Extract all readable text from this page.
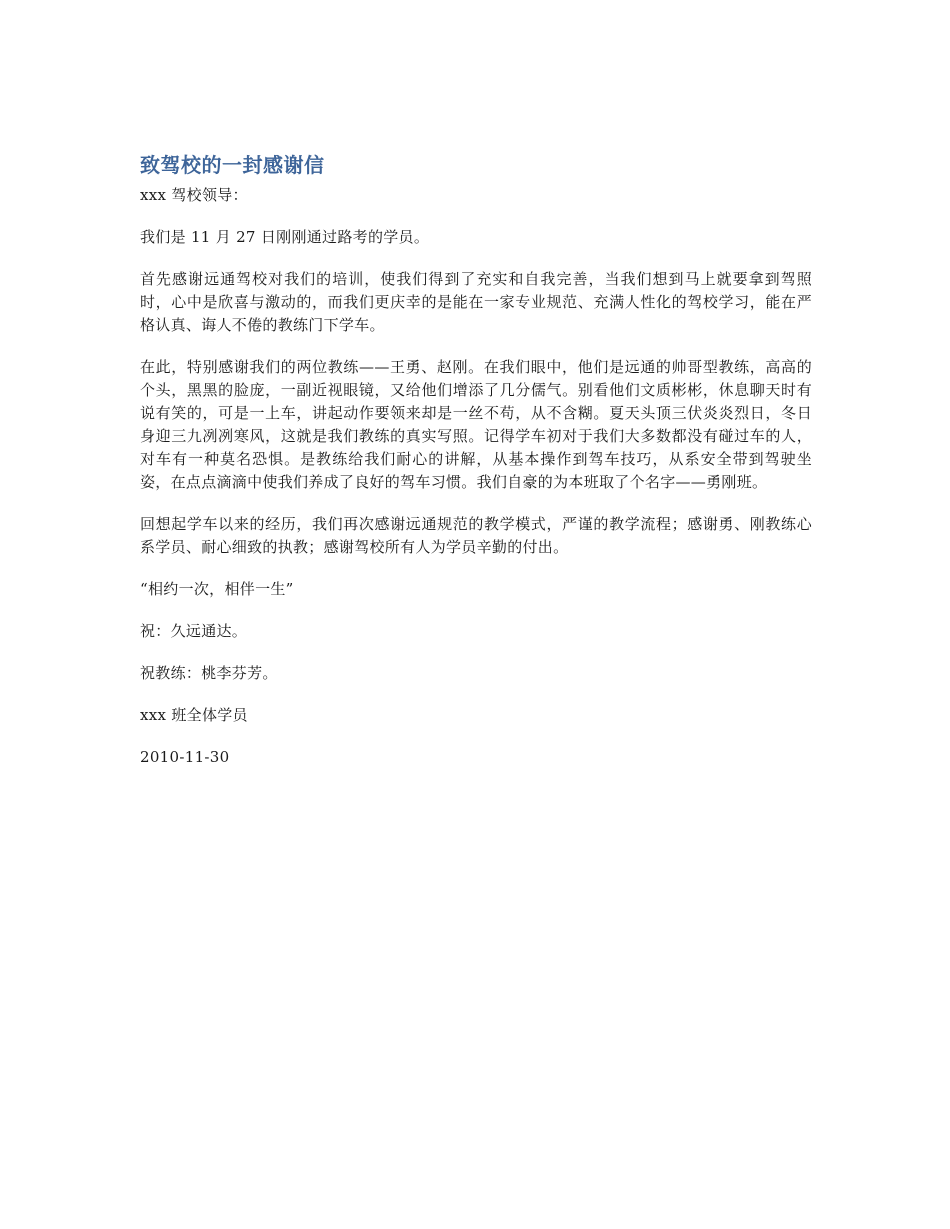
致驾校的一封感谢信

xxx 驾校领导：

我们是 11 月 27 日刚刚通过路考的学员。

首先感谢远通驾校对我们的培训，使我们得到了充实和自我完善，当我们想到马上就要拿到驾照时，心中是欣喜与激动的，而我们更庆幸的是能在一家专业规范、充满人性化的驾校学习，能在严格认真、诲人不倦的教练门下学车。

在此，特别感谢我们的两位教练——王勇、赵刚。在我们眼中，他们是远通的帅哥型教练，高高的个头，黑黑的脸庞，一副近视眼镜，又给他们增添了几分儒气。别看他们文质彬彬，休息聊天时有说有笑的，可是一上车，讲起动作要领来却是一丝不苟，从不含糊。夏天头顶三伏炎炎烈日，冬日身迎三九冽冽寒风，这就是我们教练的真实写照。记得学车初对于我们大多数都没有碰过车的人，对车有一种莫名恐惧。是教练给我们耐心的讲解，从基本操作到驾车技巧，从系安全带到驾驶坐姿，在点点滴滴中使我们养成了良好的驾车习惯。我们自豪的为本班取了个名字——勇刚班。

回想起学车以来的经历，我们再次感谢远通规范的教学模式，严谨的教学流程；感谢勇、刚教练心系学员、耐心细致的执教；感谢驾校所有人为学员辛勤的付出。

“相约一次，相伴一生”

祝：久远通达。

祝教练：桃李芬芳。

xxx 班全体学员

2010-11-30
